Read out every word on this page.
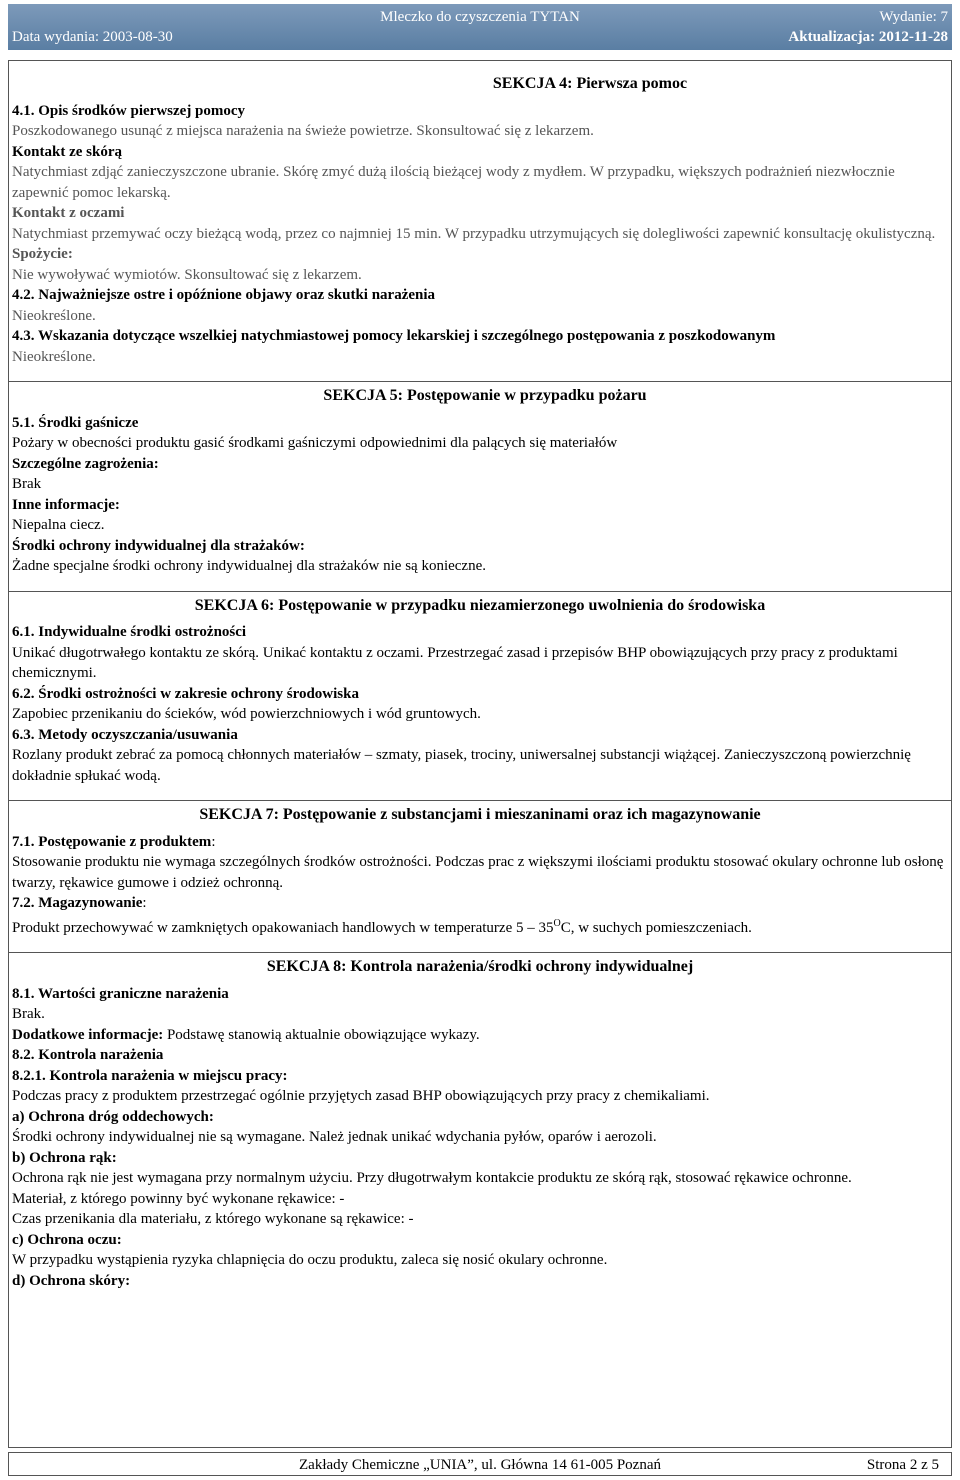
Mleczko do czyszczenia TYTAN	Wydanie: 7
Data wydania: 2003-08-30	Aktualizacja: 2012-11-28
SEKCJA 4: Pierwsza pomoc

4.1. Opis środków pierwszej pomocy

Poszkodowanego usunąć z miejsca narażenia na świeże powietrze. Skonsultować się z lekarzem.

Kontakt ze skórą

Natychmiast zdjąć zanieczyszczone ubranie. Skórę zmyć dużą ilością bieżącej wody z mydłem. W przypadku, większych podrażnień niezwłocznie zapewnić pomoc lekarską.

Kontakt z oczami

Natychmiast przemywać oczy bieżącą wodą, przez co najmniej 15 min. W przypadku utrzymujących się dolegliwości zapewnić konsultację okulistyczną.

Spożycie:

Nie wywoływać wymiotów. Skonsultować się z lekarzem.

4.2. Najważniejsze ostre i opóźnione objawy oraz skutki narażenia

Nieokreślone.

4.3. Wskazania dotyczące wszelkiej natychmiastowej pomocy lekarskiej i szczególnego postępowania z poszkodowanym

Nieokreślone.

SEKCJA 5: Postępowanie w przypadku pożaru

5.1. Środki gaśnicze

Pożary w obecności produktu gasić środkami gaśniczymi odpowiednimi dla palących się materiałów

Szczególne zagrożenia:

Brak

Inne informacje:

Niepalna ciecz.

Środki ochrony indywidualnej dla strażaków:

Żadne specjalne środki ochrony indywidualnej dla strażaków nie są konieczne.

SEKCJA 6: Postępowanie w przypadku niezamierzonego uwolnienia do środowiska

6.1. Indywidualne środki ostrożności

Unikać długotrwałego kontaktu ze skórą. Unikać kontaktu z oczami. Przestrzegać zasad i przepisów BHP obowiązujących przy pracy z produktami chemicznymi.

6.2. Środki ostrożności w zakresie ochrony środowiska

Zapobiec przenikaniu do ścieków, wód powierzchniowych i wód gruntowych.

6.3. Metody oczyszczania/usuwania

Rozlany produkt zebrać za pomocą chłonnych materiałów – szmaty, piasek, trociny, uniwersalnej substancji wiążącej. Zanieczyszczoną powierzchnię dokładnie spłukać wodą.

SEKCJA 7: Postępowanie z substancjami i mieszaninami oraz ich magazynowanie

7.1. Postępowanie z produktem:

Stosowanie produktu nie wymaga szczególnych środków ostrożności. Podczas prac z większymi ilościami produktu stosować okulary ochronne lub osłonę twarzy, rękawice gumowe i odzież ochronną.

7.2. Magazynowanie:

Produkt przechowywać w zamkniętych opakowaniach handlowych w temperaturze $5 - 35^OC$, w suchych pomieszczeniach.

SEKCJA 8: Kontrola narażenia/środki ochrony indywidualnej

8.1. Wartości graniczne narażenia

Brak.

Dodatkowe informacje: Podstawę stanowią aktualnie obowiązujące wykazy.

8.2. Kontrola narażenia

8.2.1. Kontrola narażenia w miejscu pracy:

Podczas pracy z produktem przestrzegać ogólnie przyjętych zasad BHP obowiązujących przy pracy z chemikaliami.

a) Ochrona dróg oddechowych:

Środki ochrony indywidualnej nie są wymagane. Należ jednak unikać wdychania pyłów, oparów i aerozoli.

b) Ochrona rąk:

Ochrona rąk nie jest wymagana przy normalnym użyciu. Przy długotrwałym kontakcie produktu ze skórą rąk, stosować rękawice ochronne.

Materiał, z którego powinny być wykonane rękawice: -

Czas przenikania dla materiału, z którego wykonane są rękawice: -

c) Ochrona oczu:

W przypadku wystąpienia ryzyka chlapnięcia do oczu produktu, zaleca się nosić okulary ochronne.

d) Ochrona skóry:

Zakłady Chemiczne „UNIA”, ul. Główna 14 61-005 Poznań	Strona 2 z 5
